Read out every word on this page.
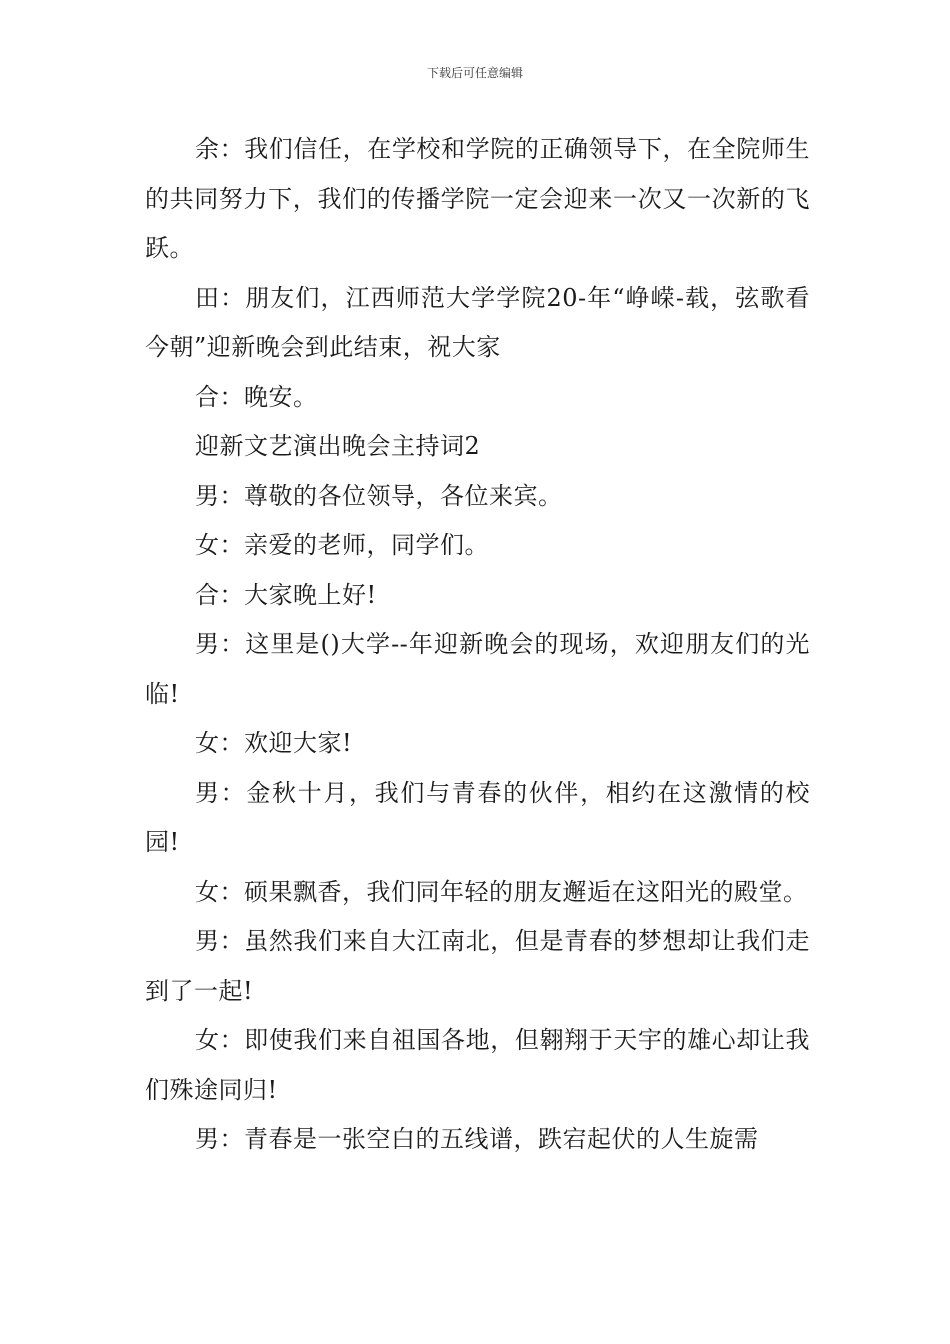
下载后可任意编辑

余：我们信任，在学校和学院的正确领导下，在全院师生的共同努力下，我们的传播学院一定会迎来一次又一次新的飞跃。

田：朋友们，江西师范大学学院20-年“峥嵘-载，弦歌看今朝”迎新晚会到此结束，祝大家

合：晚安。

迎新文艺演出晚会主持词2

男：尊敬的各位领导，各位来宾。

女：亲爱的老师，同学们。

合：大家晚上好!

男：这里是()大学--年迎新晚会的现场，欢迎朋友们的光临!

女：欢迎大家!

男：金秋十月，我们与青春的伙伴，相约在这激情的校园!

女：硕果飘香，我们同年轻的朋友邂逅在这阳光的殿堂。

男：虽然我们来自大江南北，但是青春的梦想却让我们走到了一起!

女：即使我们来自祖国各地，但翱翔于天宇的雄心却让我们殊途同归!

男：青春是一张空白的五线谱，跌宕起伏的人生旋需
